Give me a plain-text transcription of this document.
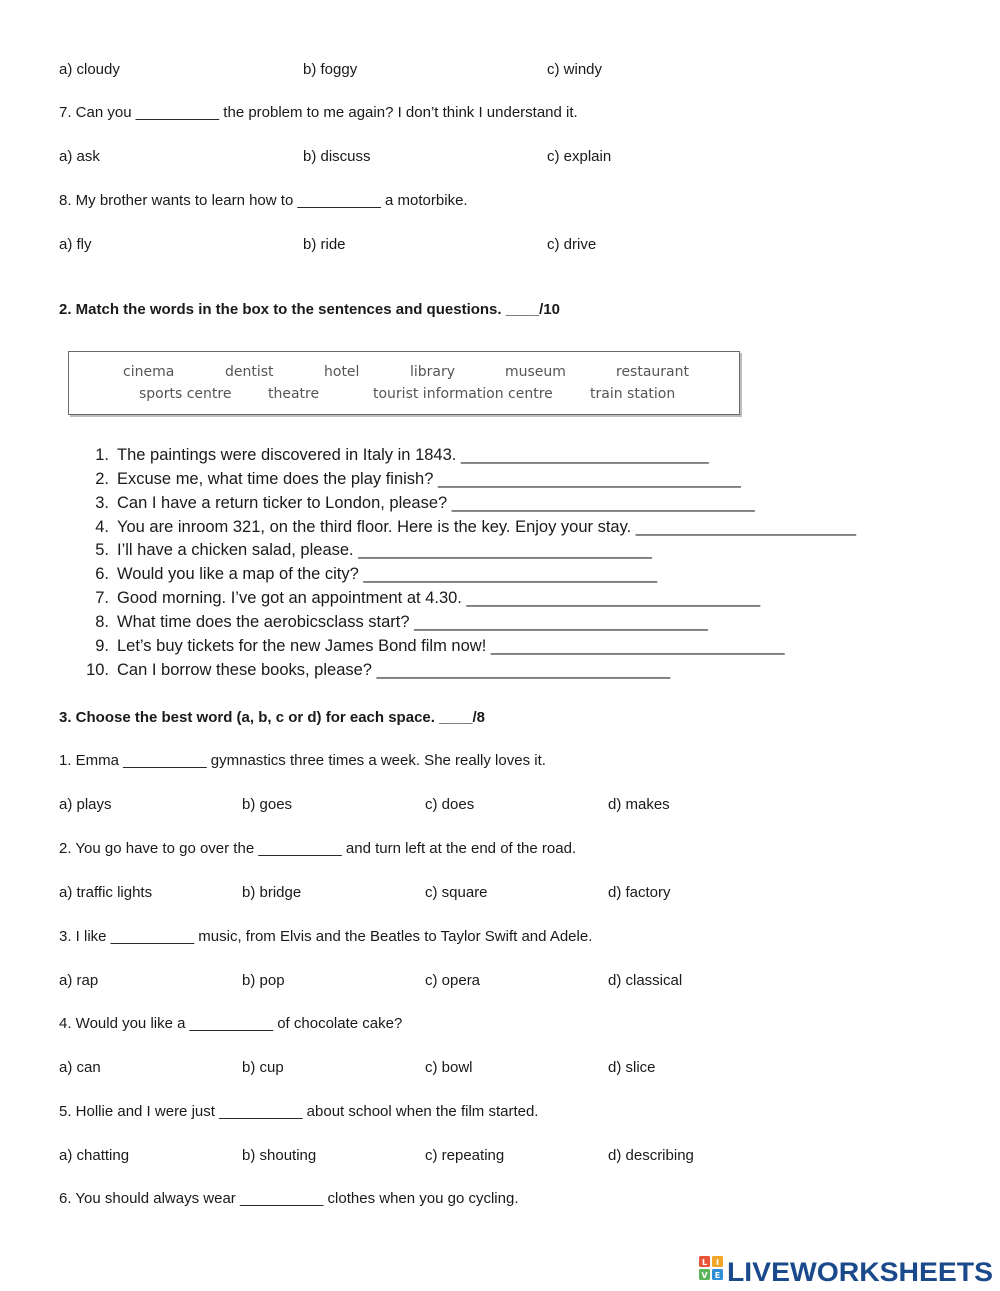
a) cloudy	b) foggy	c) windy
7. Can you __________ the problem to me again? I don’t think I understand it.
a) ask	b) discuss	c) explain
8. My brother wants to learn how to __________ a motorbike.
a) fly	b) ride	c) drive
2. Match the words in the box to the sentences and questions. ____/10
cinema	dentist	hotel	library	museum	restaurant
sports centre	theatre	tourist information centre	train station
1. The paintings were discovered in Italy in 1843. ___________________________
2. Excuse me, what time does the play finish? _________________________________
3. Can I have a return ticker to London, please? _________________________________
4. You are inroom 321, on the third floor. Here is the key. Enjoy your stay. ________________________
5. I’ll have a chicken salad, please. ________________________________
6. Would you like a map of the city? ________________________________
7. Good morning. I’ve got an appointment at 4.30. ________________________________
8. What time does the aerobicsclass start? ________________________________
9. Let’s buy tickets for the new James Bond film now! ________________________________
10. Can I borrow these books, please? ________________________________
3. Choose the best word (a, b, c or d) for each space. ____/8
1. Emma __________ gymnastics three times a week. She really loves it.
a) plays	b) goes	c) does	d) makes
2. You go have to go over the __________ and turn left at the end of the road.
a) traffic lights	b) bridge	c) square	d) factory
3. I like __________ music, from Elvis and the Beatles to Taylor Swift and Adele.
a) rap	b) pop	c) opera	d) classical
4. Would you like a __________ of chocolate cake?
a) can	b) cup	c) bowl	d) slice
5. Hollie and I were just __________ about school when the film started.
a) chatting	b) shouting	c) repeating	d) describing
6. You should always wear __________ clothes when you go cycling.
L I
V E LIVEWORKSHEETS
